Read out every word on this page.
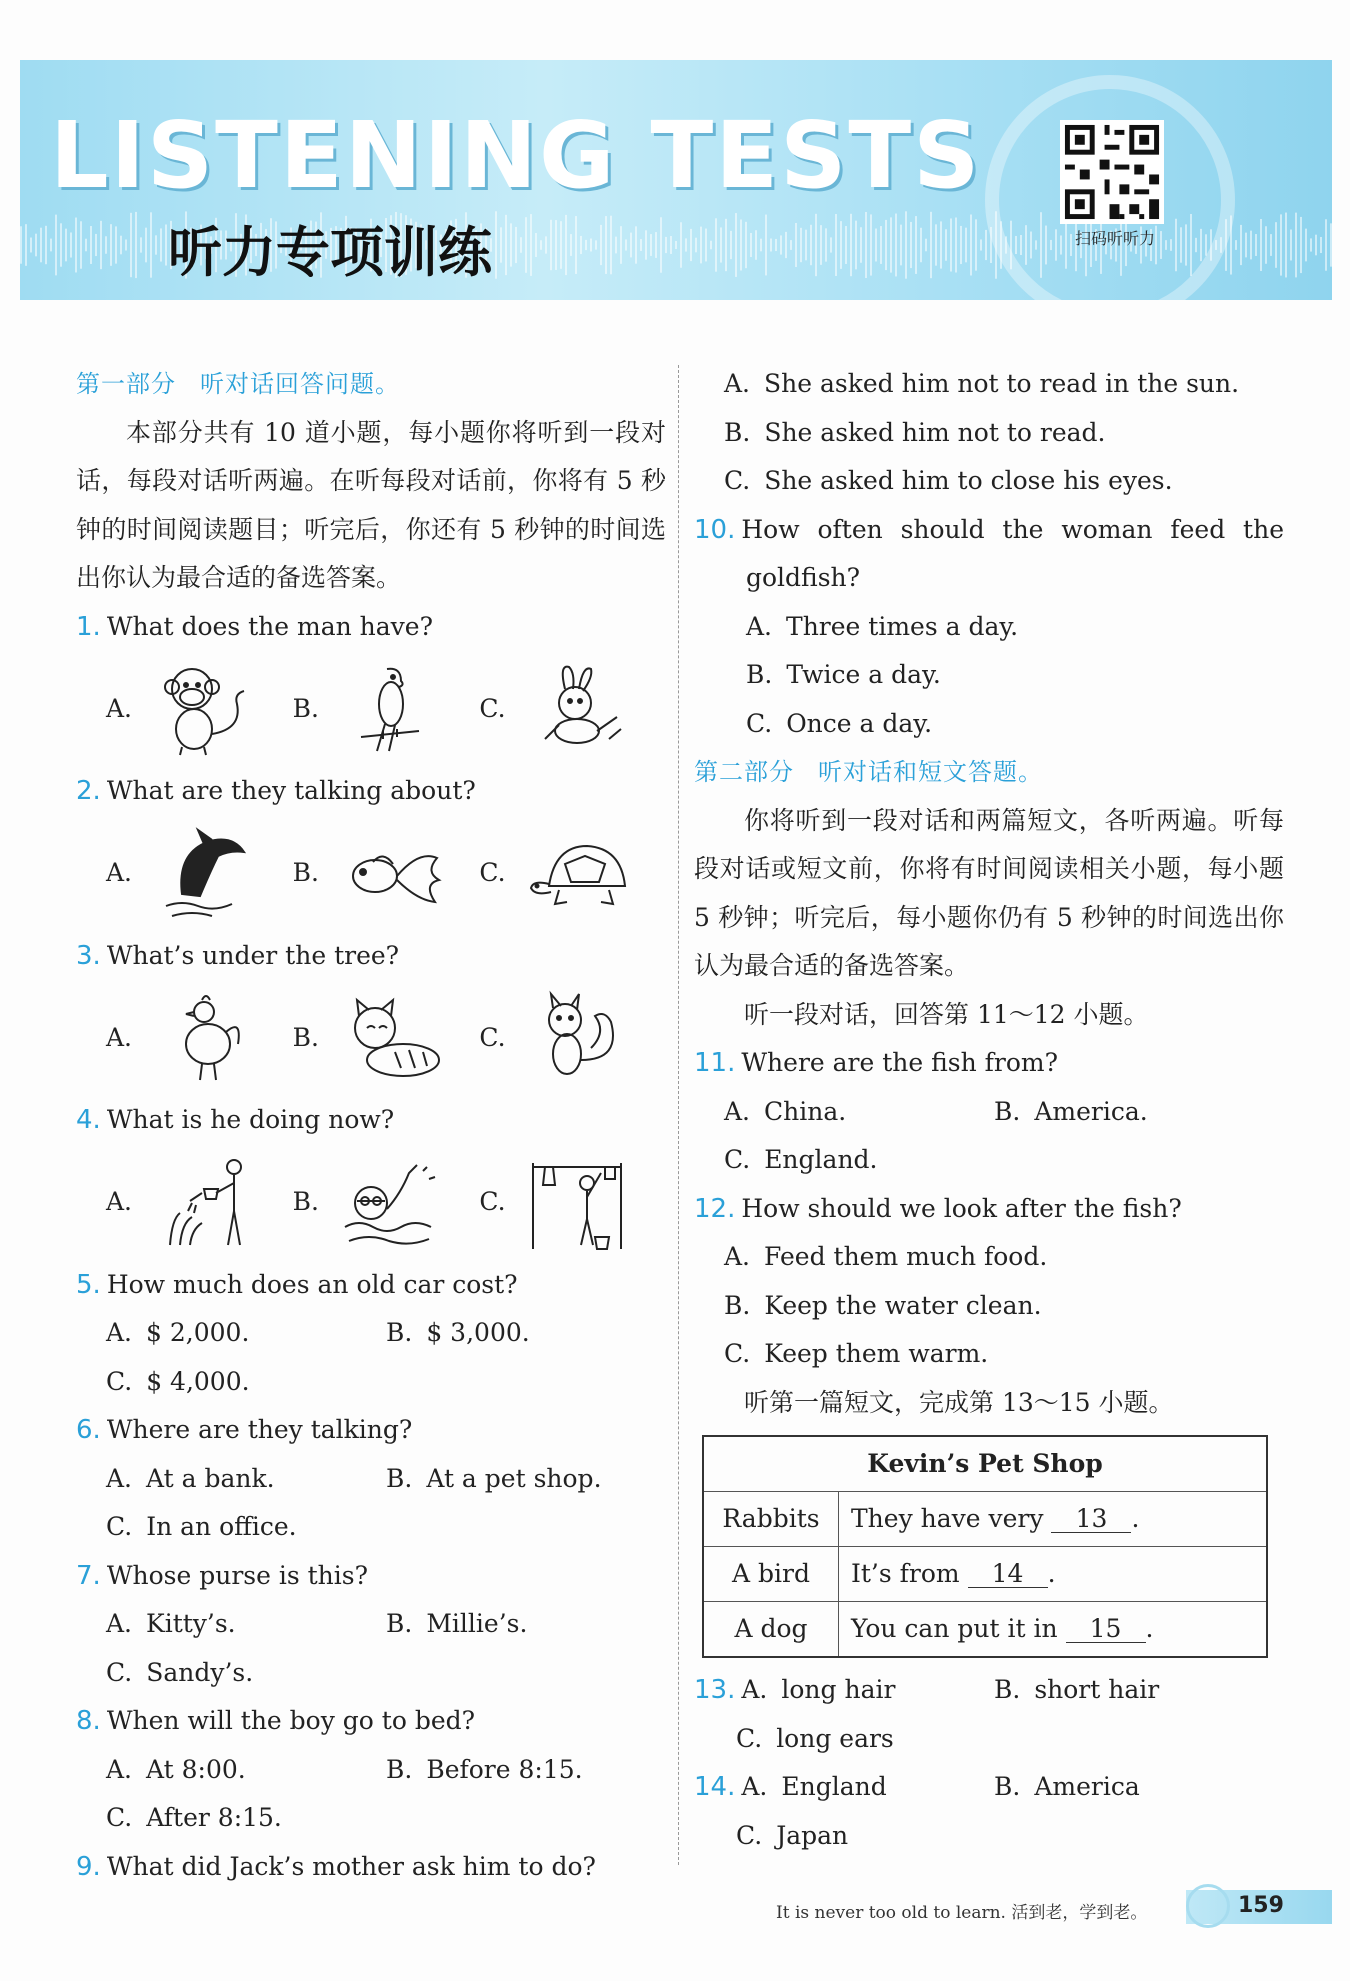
LISTENING TESTS
听力专项训练	扫码听听力
第一部分 听对话回答问题。
本部分共有 10 道小题，每小题你将听到一段对话，每段对话听两遍。在听每段对话前，你将有 5 秒钟的时间阅读题目；听完后，你还有 5 秒钟的时间选出你认为最合适的备选答案。
1. What does the man have?
A.	B.	C.
2. What are they talking about?
A.	B.	C.
3. What’s under the tree?
A.	B.	C.
4. What is he doing now?
A.	B.	C.
5. How much does an old car cost?
A. $ 2,000.	B. $ 3,000.
C. $ 4,000.
6. Where are they talking?
A. At a bank.	B. At a pet shop.
C. In an office.
7. Whose purse is this?
A. Kitty’s.	B. Millie’s.
C. Sandy’s.
8. When will the boy go to bed?
A. At 8:00.	B. Before 8:15.
C. After 8:15.
9. What did Jack’s mother ask him to do?
A. She asked him not to read in the sun.
B. She asked him not to read.
C. She asked him to close his eyes.
10. How often should the woman feed the goldfish?
A. Three times a day.
B. Twice a day.
C. Once a day.
第二部分 听对话和短文答题。
你将听到一段对话和两篇短文，各听两遍。听每段对话或短文前，你将有时间阅读相关小题，每小题 5 秒钟；听完后，每小题你仍有 5 秒钟的时间选出你认为最合适的备选答案。
听一段对话，回答第 11～12 小题。
11. Where are the fish from?
A. China.	B. America.
C. England.
12. How should we look after the fish?
A. Feed them much food.
B. Keep the water clean.
C. Keep them warm.
听第一篇短文，完成第 13～15 小题。
Kevin’s Pet Shop	
Rabbits	They have very 13 .
A bird	It’s from 14 .
A dog	You can put it in 15 .
13. A. long hair	B. short hair
C. long ears
14. A. England	B. America
C. Japan
It is never too old to learn. 活到老，学到老。	159
